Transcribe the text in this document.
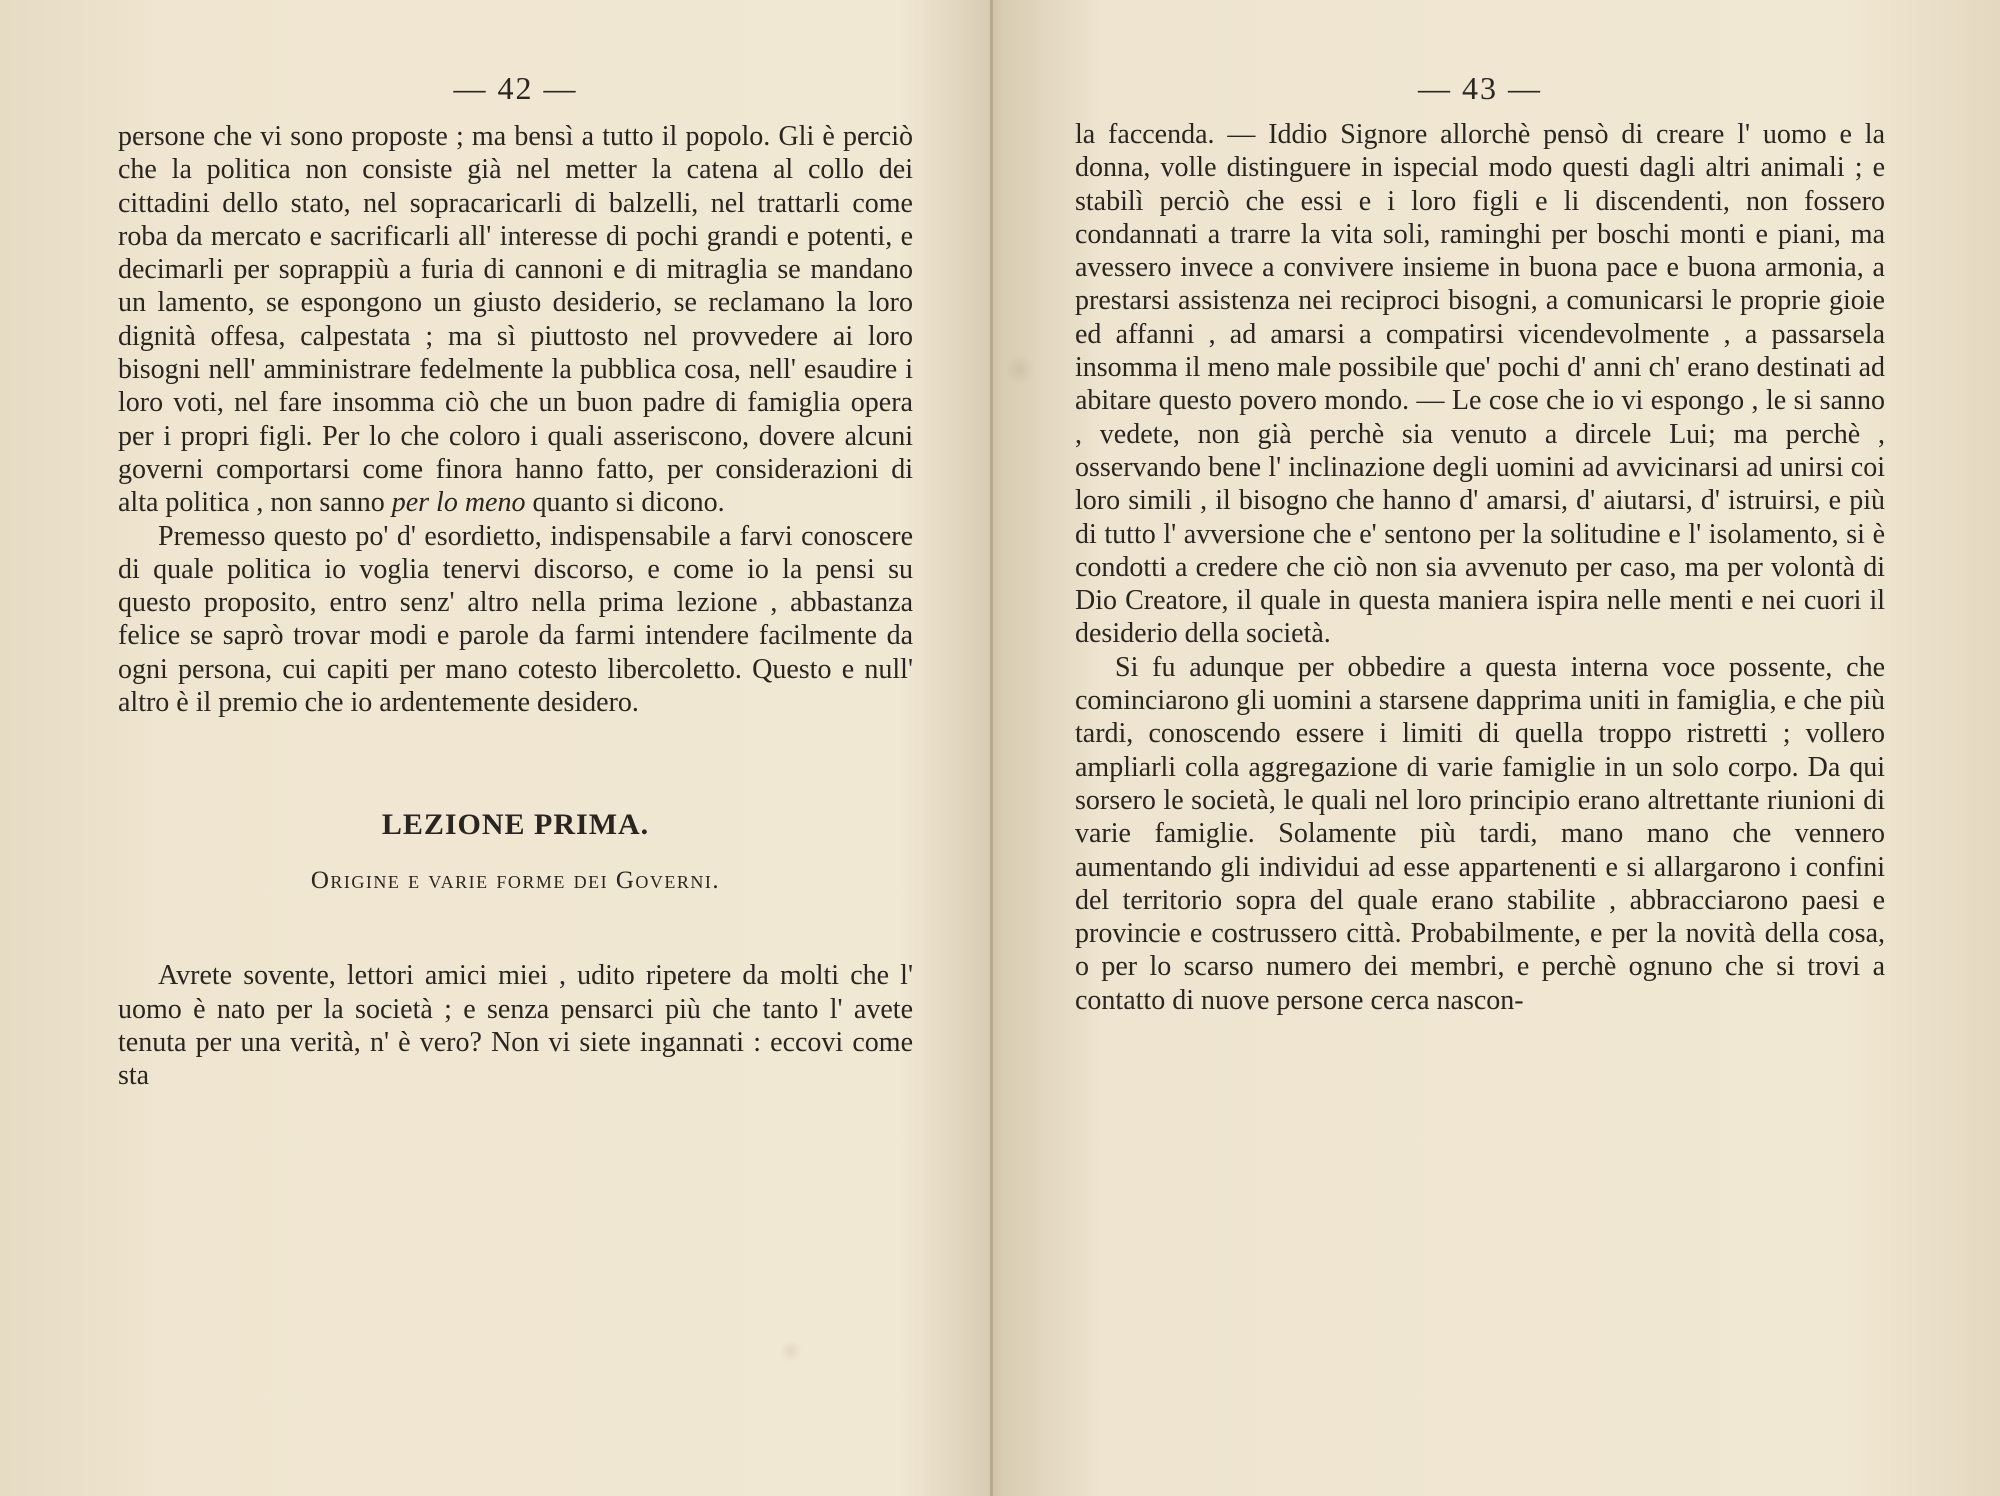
— 42 —

persone che vi sono proposte ; ma bensì a tutto il popolo. Gli è perciò che la politica non consiste già nel metter la catena al collo dei cittadini dello stato, nel sopracaricarli di balzelli, nel trattarli come roba da mercato e sacrificarli all' interesse di pochi grandi e potenti, e decimarli per soprappiù a furia di cannoni e di mitraglia se mandano un lamento, se espongono un giusto desiderio, se reclamano la loro dignità offesa, calpestata ; ma sì piuttosto nel provvedere ai loro bisogni nell' amministrare fedelmente la pubblica cosa, nell' esaudire i loro voti, nel fare insomma ciò che un buon padre di famiglia opera per i propri figli. Per lo che coloro i quali asseriscono, dovere alcuni governi comportarsi come finora hanno fatto, per considerazioni di alta politica , non sanno per lo meno quanto si dicono.

Premesso questo po' d' esordietto, indispensabile a farvi conoscere di quale politica io voglia tenervi discorso, e come io la pensi su questo proposito, entro senz' altro nella prima lezione , abbastanza felice se saprò trovar modi e parole da farmi intendere facilmente da ogni persona, cui capiti per mano cotesto libercoletto. Questo e null' altro è il premio che io ardentemente desidero.

LEZIONE PRIMA.
Origine e varie forme dei Governi.

Avrete sovente, lettori amici miei , udito ripetere da molti che l' uomo è nato per la società ; e senza pensarci più che tanto l' avete tenuta per una verità, n' è vero? Non vi siete ingannati : eccovi come sta

— 43 —

la faccenda. — Iddio Signore allorchè pensò di creare l' uomo e la donna, volle distinguere in ispecial modo questi dagli altri animali ; e stabilì perciò che essi e i loro figli e li discendenti, non fossero condannati a trarre la vita soli, raminghi per boschi monti e piani, ma avessero invece a convivere insieme in buona pace e buona armonia, a prestarsi assistenza nei reciproci bisogni, a comunicarsi le proprie gioie ed affanni , ad amarsi a compatirsi vicendevolmente , a passarsela insomma il meno male possibile que' pochi d' anni ch' erano destinati ad abitare questo povero mondo. — Le cose che io vi espongo , le si sanno , vedete, non già perchè sia venuto a dircele Lui; ma perchè , osservando bene l' inclinazione degli uomini ad avvicinarsi ad unirsi coi loro simili , il bisogno che hanno d' amarsi, d' aiutarsi, d' istruirsi, e più di tutto l' avversione che e' sentono per la solitudine e l' isolamento, si è condotti a credere che ciò non sia avvenuto per caso, ma per volontà di Dio Creatore, il quale in questa maniera ispira nelle menti e nei cuori il desiderio della società.

Si fu adunque per obbedire a questa interna voce possente, che cominciarono gli uomini a starsene dapprima uniti in famiglia, e che più tardi, conoscendo essere i limiti di quella troppo ristretti ; vollero ampliarli colla aggregazione di varie famiglie in un solo corpo. Da qui sorsero le società, le quali nel loro principio erano altrettante riunioni di varie famiglie. Solamente più tardi, mano mano che vennero aumentando gli individui ad esse appartenenti e si allargarono i confini del territorio sopra del quale erano stabilite , abbracciarono paesi e provincie e costrussero città. Probabilmente, e per la novità della cosa, o per lo scarso numero dei membri, e perchè ognuno che si trovi a contatto di nuove persone cerca nascon-
